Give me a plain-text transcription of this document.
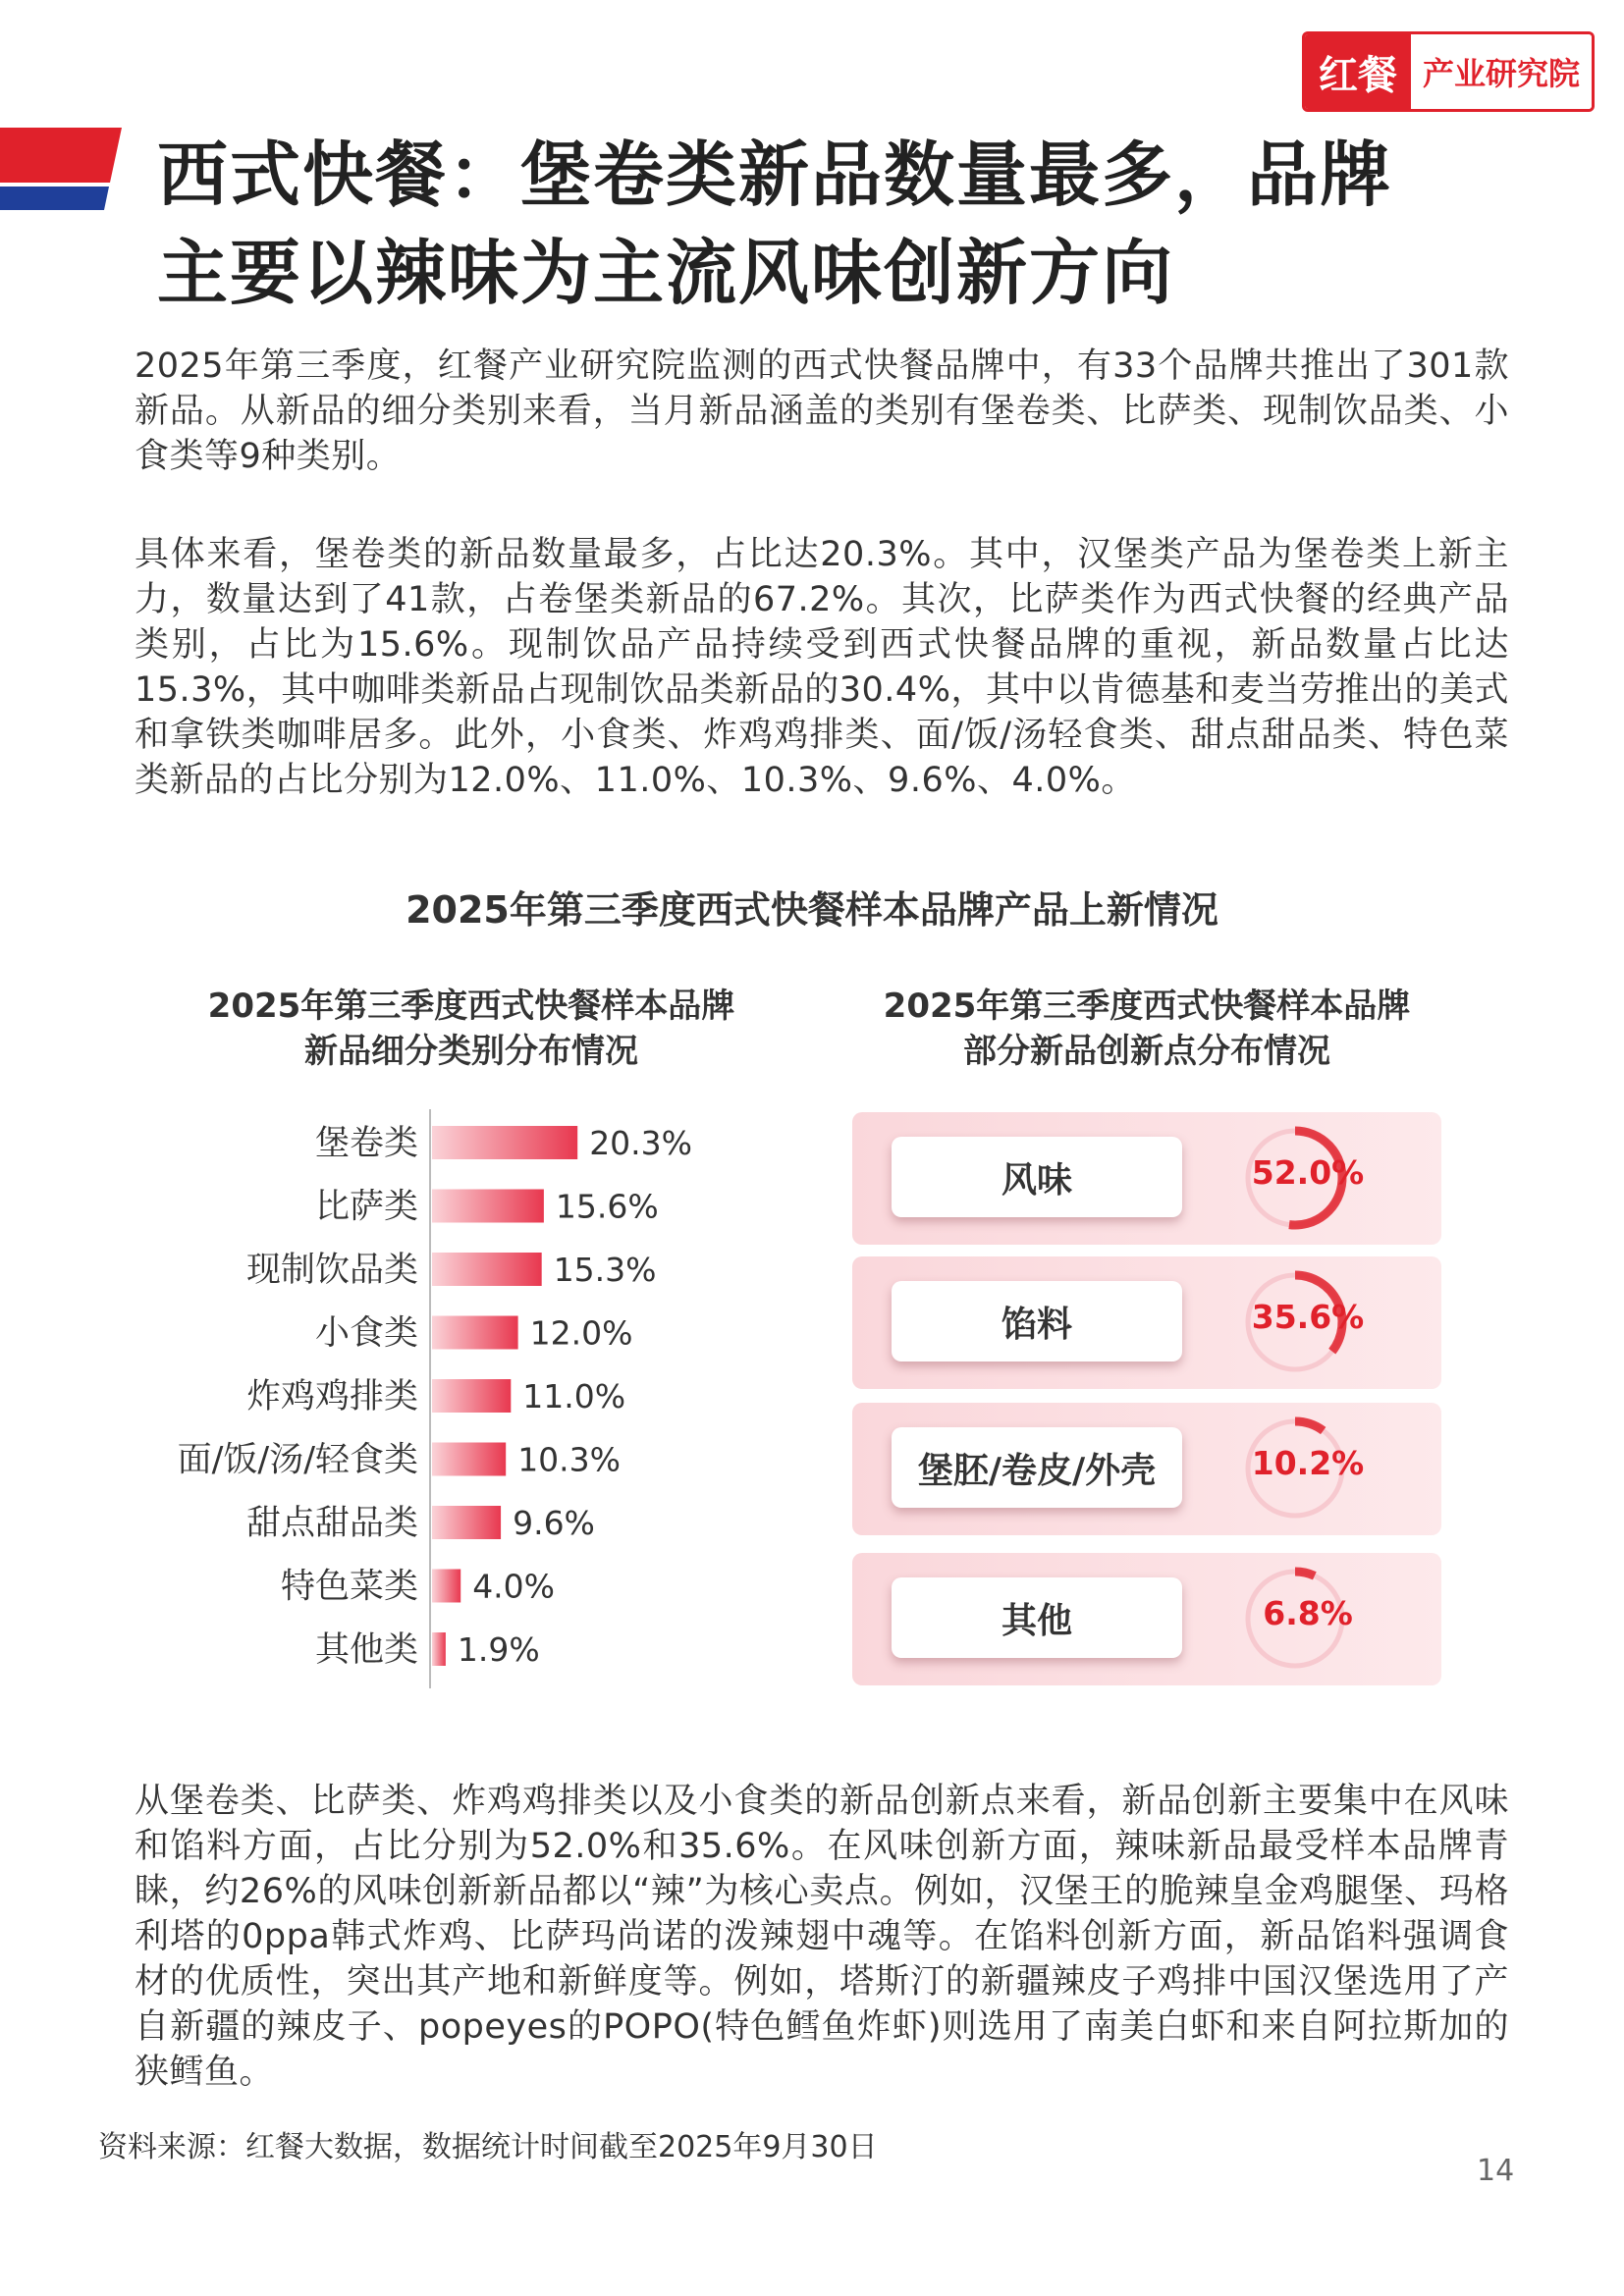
红餐 产业研究院
西式快餐：堡卷类新品数量最多，品牌
主要以辣味为主流风味创新方向

2025年第三季度，红餐产业研究院监测的西式快餐品牌中，有33个品牌共推出了301款新品。从新品的细分类别来看，当月新品涵盖的类别有堡卷类、比萨类、现制饮品类、小食类等9种类别。

具体来看，堡卷类的新品数量最多，占比达20.3%。其中，汉堡类产品为堡卷类上新主力，数量达到了41款，占卷堡类新品的67.2%。其次，比萨类作为西式快餐的经典产品类别，占比为15.6%。现制饮品产品持续受到西式快餐品牌的重视，新品数量占比达15.3%，其中咖啡类新品占现制饮品类新品的30.4%，其中以肯德基和麦当劳推出的美式和拿铁类咖啡居多。此外，小食类、炸鸡鸡排类、面/饭/汤轻食类、甜点甜品类、特色菜类新品的占比分别为12.0%、11.0%、10.3%、9.6%、4.0%。

2025年第三季度西式快餐样本品牌产品上新情况
2025年第三季度西式快餐样本品牌
新品细分类别分布情况
2025年第三季度西式快餐样本品牌
部分新品创新点分布情况
堡卷类	20.3%
比萨类	15.6%
现制饮品类	15.3%
小食类	12.0%
炸鸡鸡排类	11.0%
面/饭/汤/轻食类	10.3%
甜点甜品类	9.6%
特色菜类 4.0%
其他类 1.9%
风味	52.0%
馅料	35.6%
堡胚/卷皮/外壳	10.2%
其他	6.8%

从堡卷类、比萨类、炸鸡鸡排类以及小食类的新品创新点来看，新品创新主要集中在风味和馅料方面，占比分别为52.0%和35.6%。在风味创新方面，辣味新品最受样本品牌青睐，约26%的风味创新新品都以“辣”为核心卖点。例如，汉堡王的脆辣皇金鸡腿堡、玛格利塔的0ppa韩式炸鸡、比萨玛尚诺的泼辣翅中魂等。在馅料创新方面，新品馅料强调食材的优质性，突出其产地和新鲜度等。例如，塔斯汀的新疆辣皮子鸡排中国汉堡选用了产自新疆的辣皮子、popeyes的POPO(特色鳕鱼炸虾)则选用了南美白虾和来自阿拉斯加的狭鳕鱼。

资料来源：红餐大数据，数据统计时间截至2025年9月30日
14
